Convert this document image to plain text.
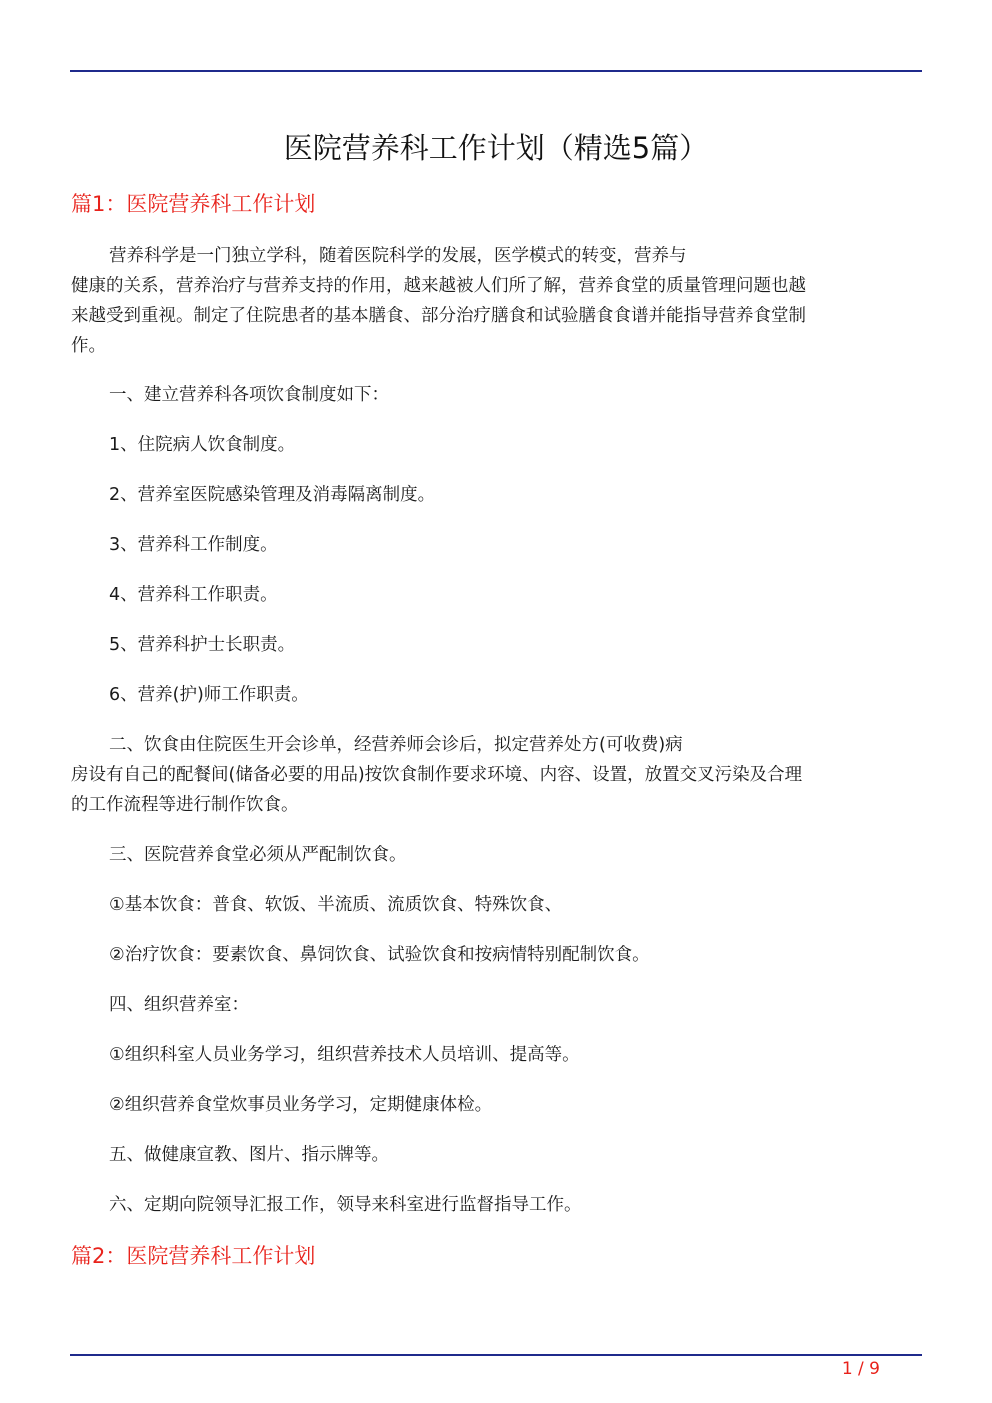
医院营养科工作计划（精选5篇）
篇1：医院营养科工作计划

营养科学是一门独立学科，随着医院科学的发展，医学模式的转变，营养与
健康的关系，营养治疗与营养支持的作用，越来越被人们所了解，营养食堂的质量管理问题也越
来越受到重视。制定了住院患者的基本膳食、部分治疗膳食和试验膳食食谱并能指导营养食堂制
作。

一、建立营养科各项饮食制度如下：

1、住院病人饮食制度。

2、营养室医院感染管理及消毒隔离制度。

3、营养科工作制度。

4、营养科工作职责。

5、营养科护士长职责。

6、营养(护)师工作职责。

二、饮食由住院医生开会诊单，经营养师会诊后，拟定营养处方(可收费)病
房设有自己的配餐间(储备必要的用品)按饮食制作要求环境、内容、设置，放置交叉污染及合理
的工作流程等进行制作饮食。

三、医院营养食堂必须从严配制饮食。

①基本饮食：普食、软饭、半流质、流质饮食、特殊饮食、

②治疗饮食：要素饮食、鼻饲饮食、试验饮食和按病情特别配制饮食。

四、组织营养室：

①组织科室人员业务学习，组织营养技术人员培训、提高等。

②组织营养食堂炊事员业务学习，定期健康体检。

五、做健康宣教、图片、指示牌等。

六、定期向院领导汇报工作，领导来科室进行监督指导工作。

篇2：医院营养科工作计划
1 / 9
